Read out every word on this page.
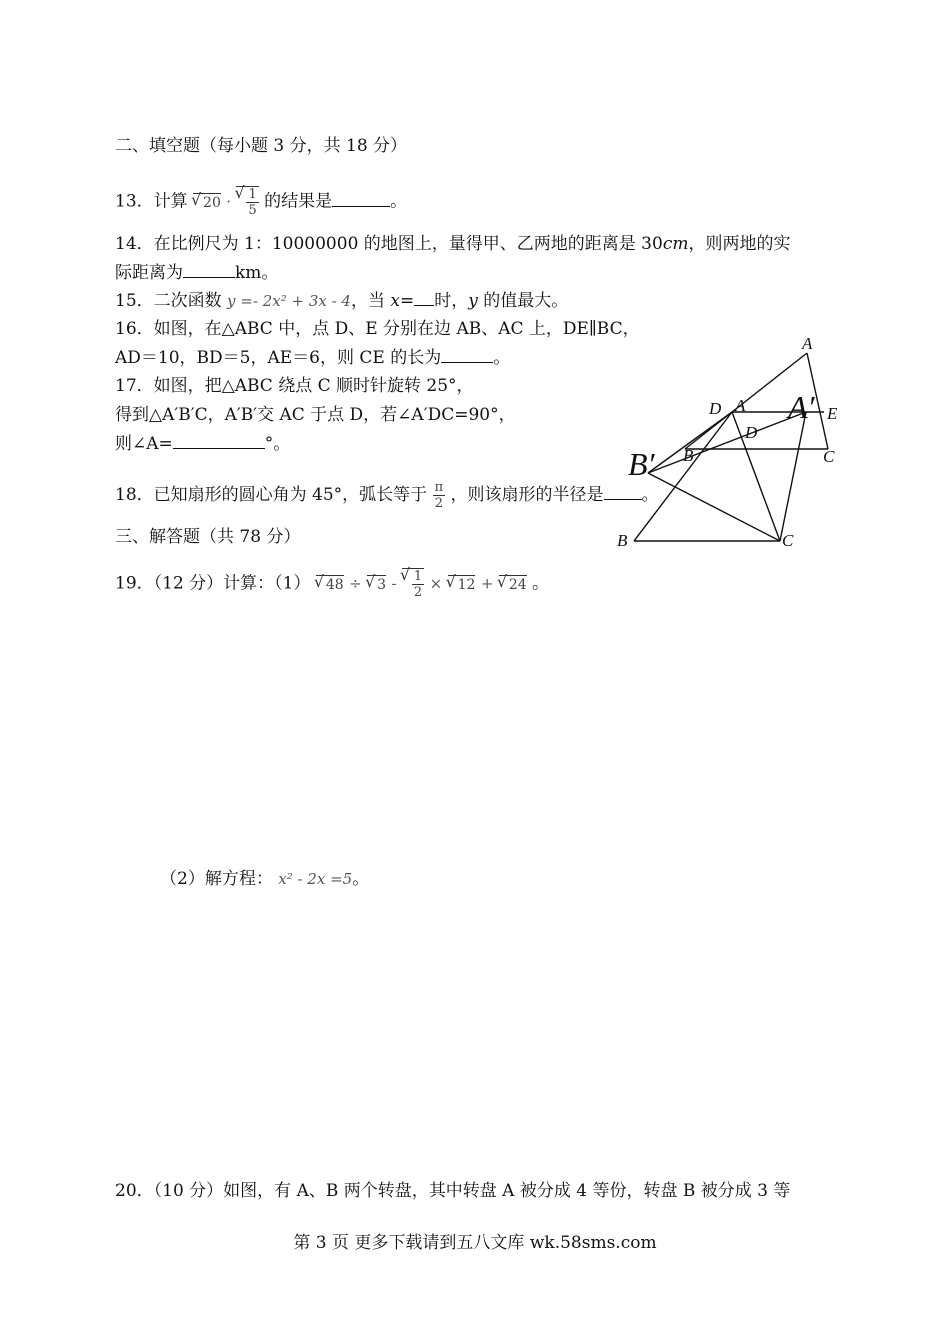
二、填空题（每小题 3 分，共 18 分）
13．计算 √ 20 · √ $\frac{1}{5}$ 的结果是	。
14．在比例尺为 1：10000000 的地图上，量得甲、乙两地的距离是 30cm，则两地的实
际距离为	km。
15．二次函数 y =- 2x² + 3x - 4，当 x= 时，y 的值最大。
16．如图，在△ABC 中，点 D、E 分别在边 AB、AC 上，DE∥BC，
AD＝10，BD＝5，AE＝6，则 CE 的长为	。
17．如图，把△ABC 绕点 C 顺时针旋转 25°，
得到△A′B′C，A′B′交 AC 于点 D，若∠A′DC=90°，
则∠A=	°。
18．已知扇形的圆心角为 45°，弧长等于 $\frac{\pi}{2}$ ，则该扇形的半径是 。
三、解答题（共 78 分）
19．（12 分）计算：（1） √ 48 ÷ √ 3 - √ $\frac{1}{2}$ × √ 12 + √ 24 。
（2）解方程： x² - 2x =5。
20．（10 分）如图，有 A、B 两个转盘，其中转盘 A 被分成 4 等份，转盘 B 被分成 3 等
A
D	E
B	C
A A′
B′
D
B	C
第 3 页 更多下载请到五八文库 wk.58sms.com
